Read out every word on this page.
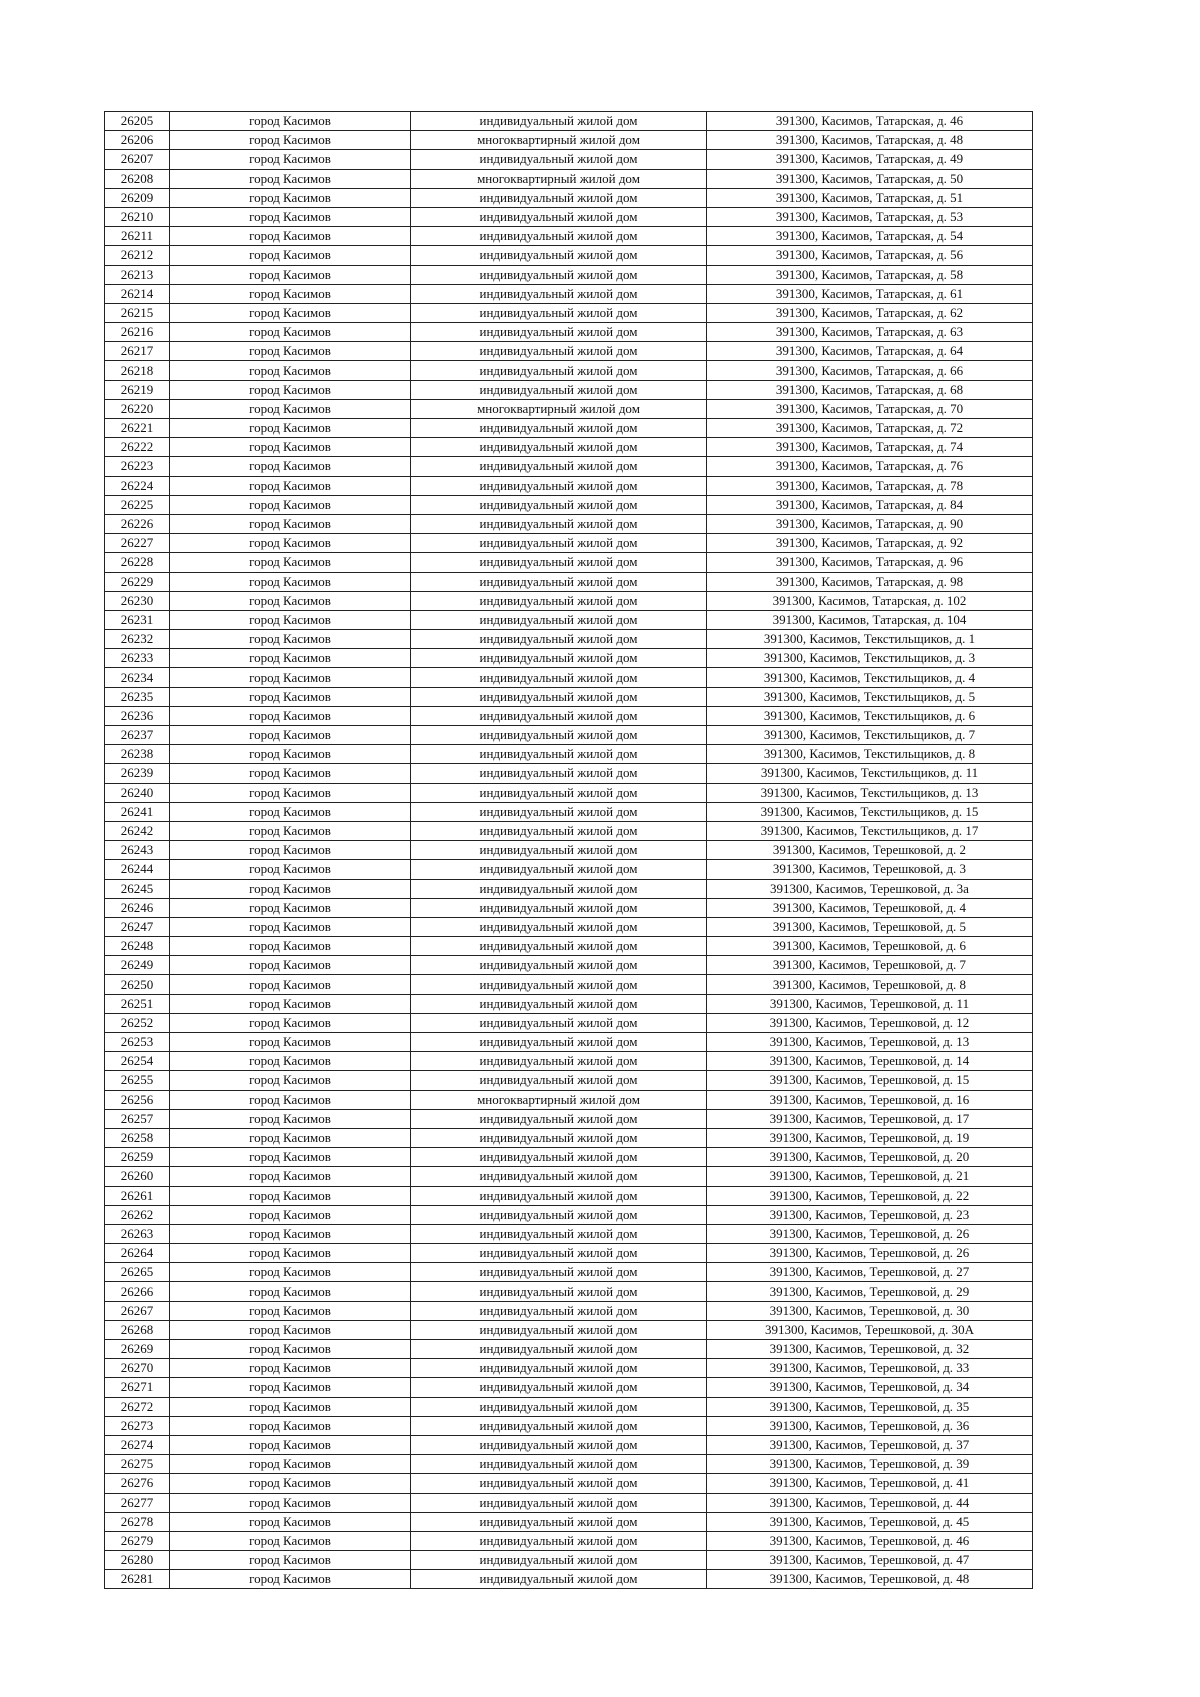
26205	город Касимов	индивидуальный жилой дом	391300, Касимов, Татарская, д. 46
26206	город Касимов	многоквартирный жилой дом	391300, Касимов, Татарская, д. 48
26207	город Касимов	индивидуальный жилой дом	391300, Касимов, Татарская, д. 49
26208	город Касимов	многоквартирный жилой дом	391300, Касимов, Татарская, д. 50
26209	город Касимов	индивидуальный жилой дом	391300, Касимов, Татарская, д. 51
26210	город Касимов	индивидуальный жилой дом	391300, Касимов, Татарская, д. 53
26211	город Касимов	индивидуальный жилой дом	391300, Касимов, Татарская, д. 54
26212	город Касимов	индивидуальный жилой дом	391300, Касимов, Татарская, д. 56
26213	город Касимов	индивидуальный жилой дом	391300, Касимов, Татарская, д. 58
26214	город Касимов	индивидуальный жилой дом	391300, Касимов, Татарская, д. 61
26215	город Касимов	индивидуальный жилой дом	391300, Касимов, Татарская, д. 62
26216	город Касимов	индивидуальный жилой дом	391300, Касимов, Татарская, д. 63
26217	город Касимов	индивидуальный жилой дом	391300, Касимов, Татарская, д. 64
26218	город Касимов	индивидуальный жилой дом	391300, Касимов, Татарская, д. 66
26219	город Касимов	индивидуальный жилой дом	391300, Касимов, Татарская, д. 68
26220	город Касимов	многоквартирный жилой дом	391300, Касимов, Татарская, д. 70
26221	город Касимов	индивидуальный жилой дом	391300, Касимов, Татарская, д. 72
26222	город Касимов	индивидуальный жилой дом	391300, Касимов, Татарская, д. 74
26223	город Касимов	индивидуальный жилой дом	391300, Касимов, Татарская, д. 76
26224	город Касимов	индивидуальный жилой дом	391300, Касимов, Татарская, д. 78
26225	город Касимов	индивидуальный жилой дом	391300, Касимов, Татарская, д. 84
26226	город Касимов	индивидуальный жилой дом	391300, Касимов, Татарская, д. 90
26227	город Касимов	индивидуальный жилой дом	391300, Касимов, Татарская, д. 92
26228	город Касимов	индивидуальный жилой дом	391300, Касимов, Татарская, д. 96
26229	город Касимов	индивидуальный жилой дом	391300, Касимов, Татарская, д. 98
26230	город Касимов	индивидуальный жилой дом	391300, Касимов, Татарская, д. 102
26231	город Касимов	индивидуальный жилой дом	391300, Касимов, Татарская, д. 104
26232	город Касимов	индивидуальный жилой дом	391300, Касимов, Текстильщиков, д. 1
26233	город Касимов	индивидуальный жилой дом	391300, Касимов, Текстильщиков, д. 3
26234	город Касимов	индивидуальный жилой дом	391300, Касимов, Текстильщиков, д. 4
26235	город Касимов	индивидуальный жилой дом	391300, Касимов, Текстильщиков, д. 5
26236	город Касимов	индивидуальный жилой дом	391300, Касимов, Текстильщиков, д. 6
26237	город Касимов	индивидуальный жилой дом	391300, Касимов, Текстильщиков, д. 7
26238	город Касимов	индивидуальный жилой дом	391300, Касимов, Текстильщиков, д. 8
26239	город Касимов	индивидуальный жилой дом	391300, Касимов, Текстильщиков, д. 11
26240	город Касимов	индивидуальный жилой дом	391300, Касимов, Текстильщиков, д. 13
26241	город Касимов	индивидуальный жилой дом	391300, Касимов, Текстильщиков, д. 15
26242	город Касимов	индивидуальный жилой дом	391300, Касимов, Текстильщиков, д. 17
26243	город Касимов	индивидуальный жилой дом	391300, Касимов, Терешковой, д. 2
26244	город Касимов	индивидуальный жилой дом	391300, Касимов, Терешковой, д. 3
26245	город Касимов	индивидуальный жилой дом	391300, Касимов, Терешковой, д. 3а
26246	город Касимов	индивидуальный жилой дом	391300, Касимов, Терешковой, д. 4
26247	город Касимов	индивидуальный жилой дом	391300, Касимов, Терешковой, д. 5
26248	город Касимов	индивидуальный жилой дом	391300, Касимов, Терешковой, д. 6
26249	город Касимов	индивидуальный жилой дом	391300, Касимов, Терешковой, д. 7
26250	город Касимов	индивидуальный жилой дом	391300, Касимов, Терешковой, д. 8
26251	город Касимов	индивидуальный жилой дом	391300, Касимов, Терешковой, д. 11
26252	город Касимов	индивидуальный жилой дом	391300, Касимов, Терешковой, д. 12
26253	город Касимов	индивидуальный жилой дом	391300, Касимов, Терешковой, д. 13
26254	город Касимов	индивидуальный жилой дом	391300, Касимов, Терешковой, д. 14
26255	город Касимов	индивидуальный жилой дом	391300, Касимов, Терешковой, д. 15
26256	город Касимов	многоквартирный жилой дом	391300, Касимов, Терешковой, д. 16
26257	город Касимов	индивидуальный жилой дом	391300, Касимов, Терешковой, д. 17
26258	город Касимов	индивидуальный жилой дом	391300, Касимов, Терешковой, д. 19
26259	город Касимов	индивидуальный жилой дом	391300, Касимов, Терешковой, д. 20
26260	город Касимов	индивидуальный жилой дом	391300, Касимов, Терешковой, д. 21
26261	город Касимов	индивидуальный жилой дом	391300, Касимов, Терешковой, д. 22
26262	город Касимов	индивидуальный жилой дом	391300, Касимов, Терешковой, д. 23
26263	город Касимов	индивидуальный жилой дом	391300, Касимов, Терешковой, д. 26
26264	город Касимов	индивидуальный жилой дом	391300, Касимов, Терешковой, д. 26
26265	город Касимов	индивидуальный жилой дом	391300, Касимов, Терешковой, д. 27
26266	город Касимов	индивидуальный жилой дом	391300, Касимов, Терешковой, д. 29
26267	город Касимов	индивидуальный жилой дом	391300, Касимов, Терешковой, д. 30
26268	город Касимов	индивидуальный жилой дом	391300, Касимов, Терешковой, д. 30А
26269	город Касимов	индивидуальный жилой дом	391300, Касимов, Терешковой, д. 32
26270	город Касимов	индивидуальный жилой дом	391300, Касимов, Терешковой, д. 33
26271	город Касимов	индивидуальный жилой дом	391300, Касимов, Терешковой, д. 34
26272	город Касимов	индивидуальный жилой дом	391300, Касимов, Терешковой, д. 35
26273	город Касимов	индивидуальный жилой дом	391300, Касимов, Терешковой, д. 36
26274	город Касимов	индивидуальный жилой дом	391300, Касимов, Терешковой, д. 37
26275	город Касимов	индивидуальный жилой дом	391300, Касимов, Терешковой, д. 39
26276	город Касимов	индивидуальный жилой дом	391300, Касимов, Терешковой, д. 41
26277	город Касимов	индивидуальный жилой дом	391300, Касимов, Терешковой, д. 44
26278	город Касимов	индивидуальный жилой дом	391300, Касимов, Терешковой, д. 45
26279	город Касимов	индивидуальный жилой дом	391300, Касимов, Терешковой, д. 46
26280	город Касимов	индивидуальный жилой дом	391300, Касимов, Терешковой, д. 47
26281	город Касимов	индивидуальный жилой дом	391300, Касимов, Терешковой, д. 48
